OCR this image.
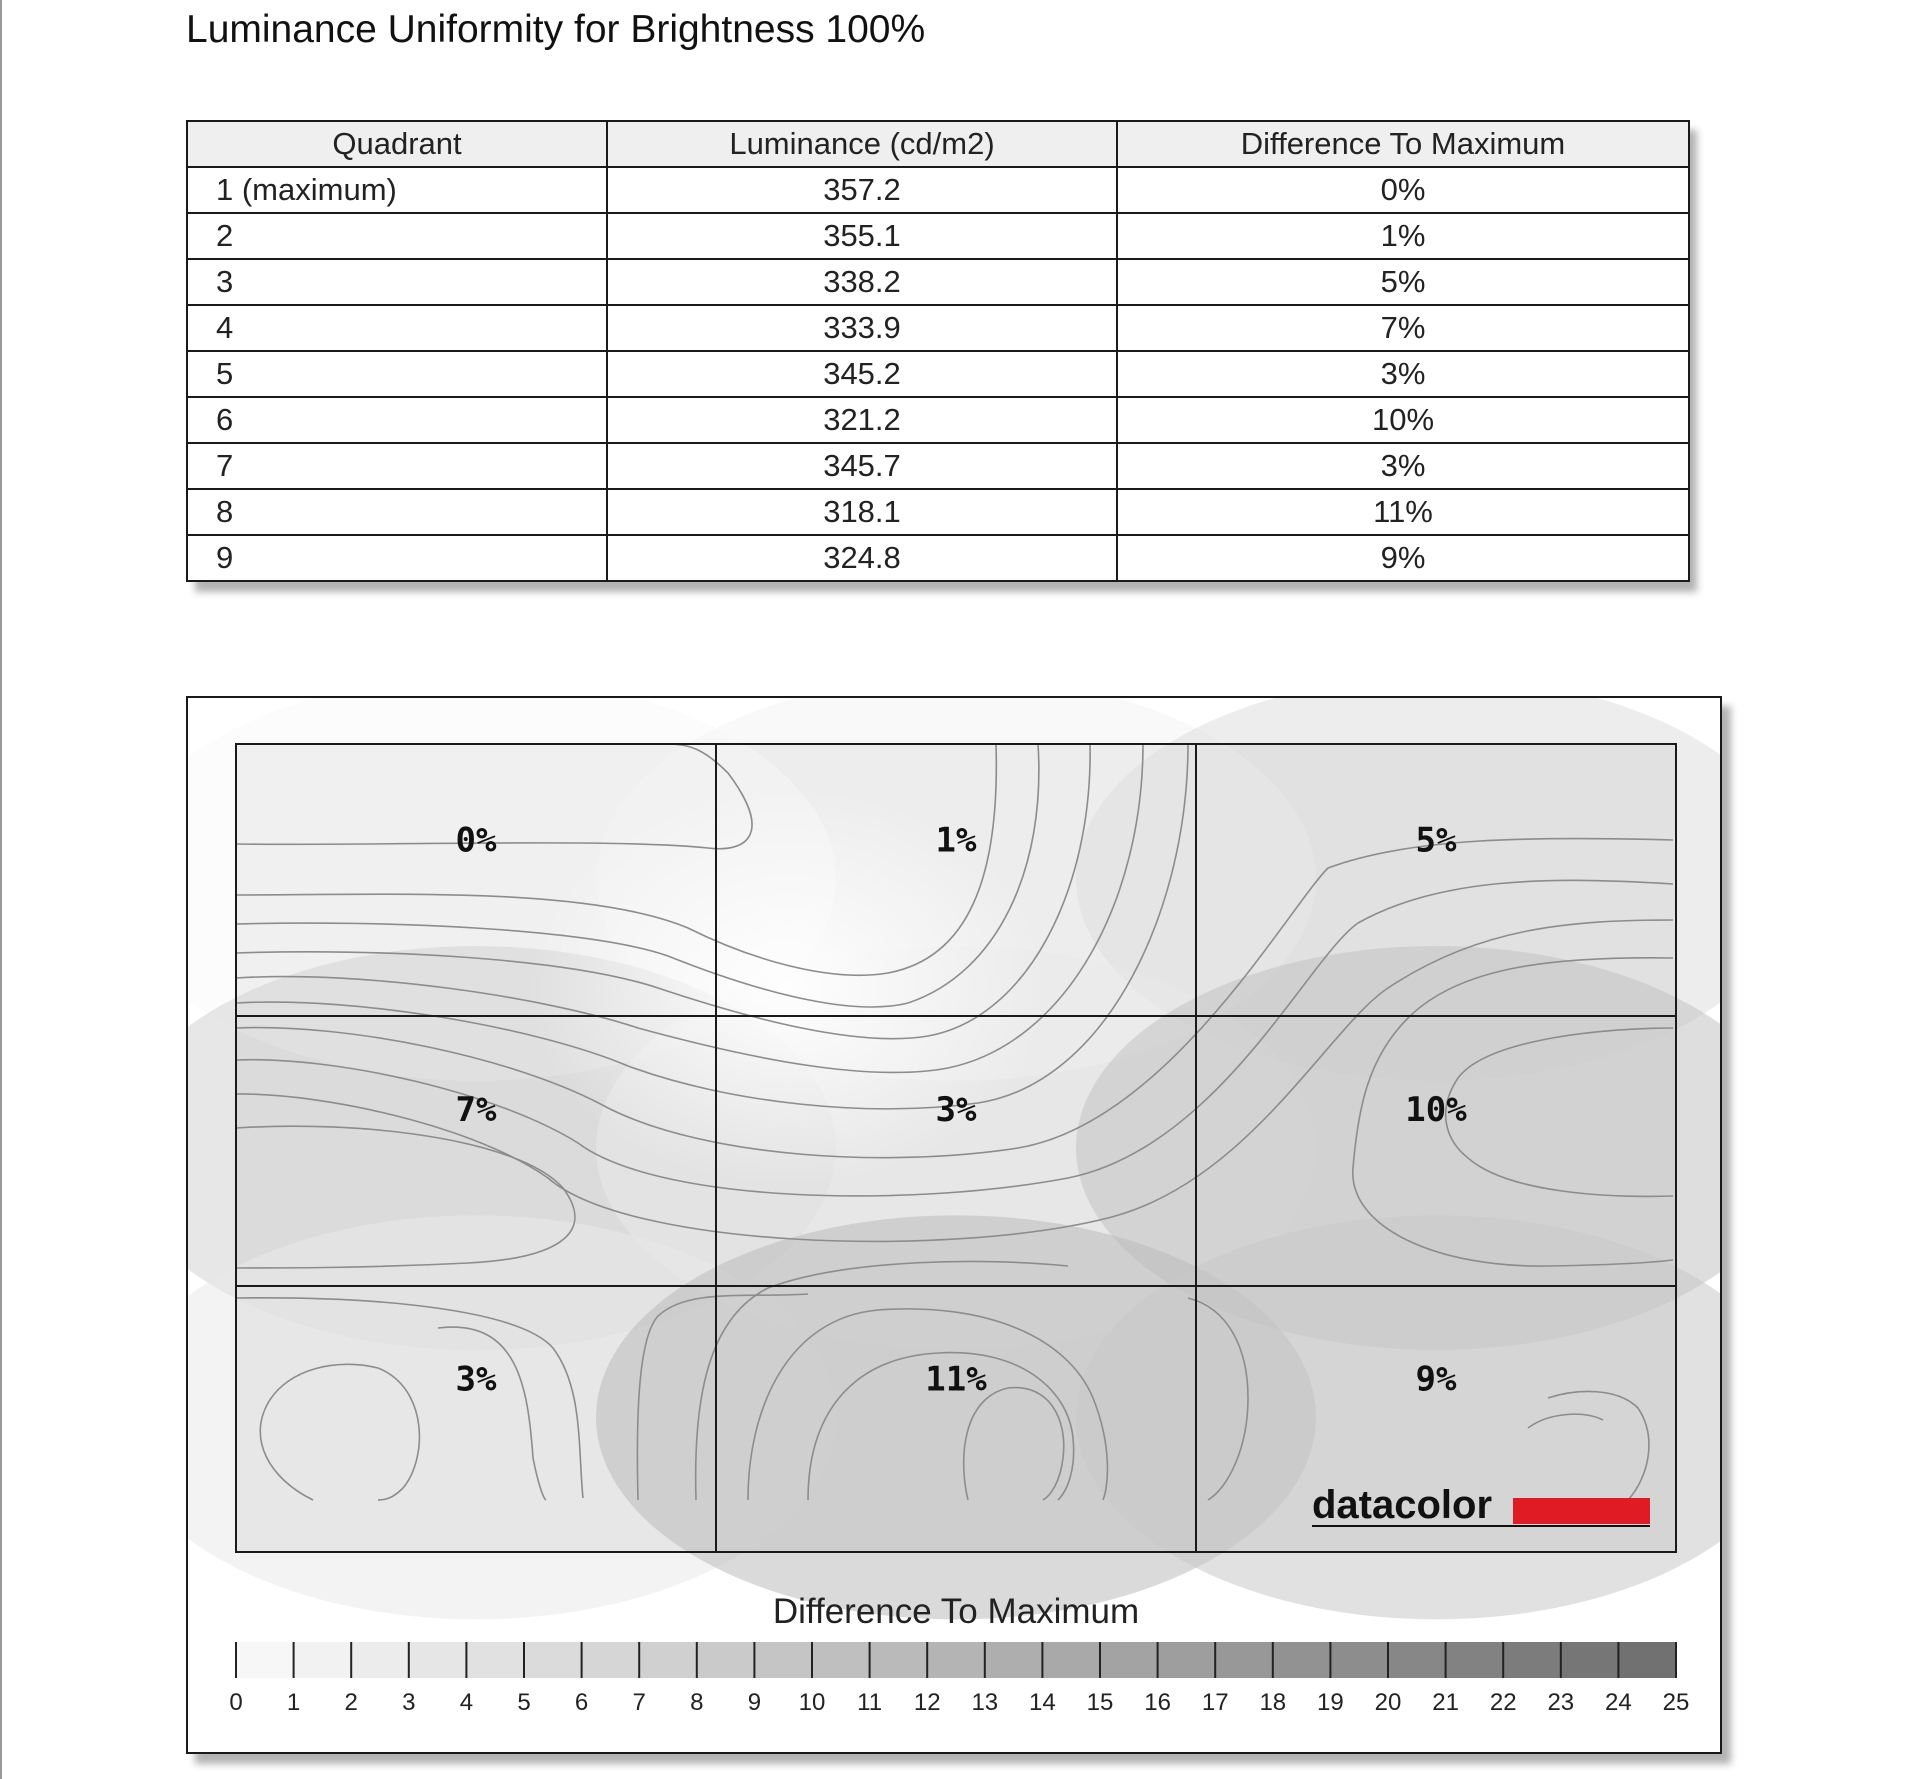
Luminance Uniformity for Brightness 100%
Quadrant	Luminance (cd/m2)	Difference To Maximum
1 (maximum)	357.2	0%
2	355.1	1%
3	338.2	5%
4	333.9	7%
5	345.2	3%
6	321.2	10%
7	345.7	3%
8	318.1	11%
9	324.8	9%
0%	1%	5%
7%	3%	10%
3%	11%	9%
datacolor
Difference To Maximum
0 1 2 3 4 5 6 7 8 9 10 11 12 13 14 15 16 17 18 19 20 21 22 23 24 25
